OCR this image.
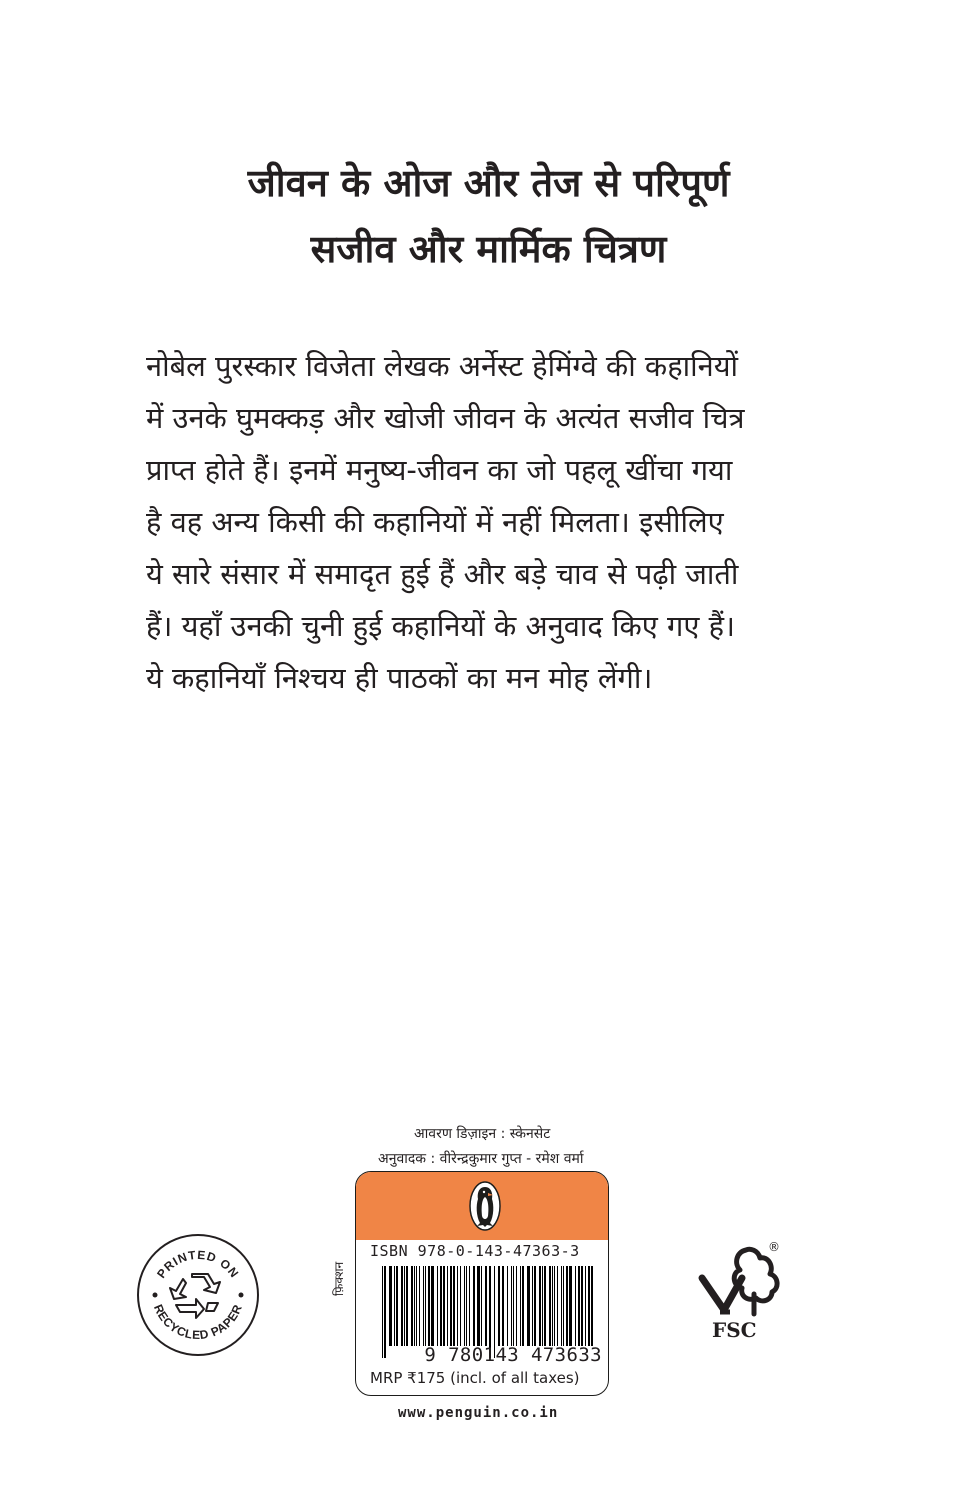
जीवन के ओज और तेज से परिपूर्ण
सजीव और मार्मिक चित्रण
नोबेल पुरस्कार विजेता लेखक अर्नेस्ट हेमिंग्वे की कहानियों
में उनके घुमक्कड़ और खोजी जीवन के अत्यंत सजीव चित्र
प्राप्त होते हैं। इनमें मनुष्य-जीवन का जो पहलू खींचा गया
है वह अन्य किसी की कहानियों में नहीं मिलता। इसीलिए
ये सारे संसार में समादृत हुई हैं और बड़े चाव से पढ़ी जाती
हैं। यहाँ उनकी चुनी हुई कहानियों के अनुवाद किए गए हैं।
ये कहानियाँ निश्चय ही पाठकों का मन मोह लेंगी।
आवरण डिज़ाइन : स्केनसेट
अनुवादक : वीरेन्द्रकुमार गुप्त - रमेश वर्मा
PRINTED ON
RECYCLED PAPER
ISBN 978-0-143-47363-3
9 780143 473633
MRP ₹175 (incl. of all taxes)
फ़िक्शन
www.penguin.co.in
FSC
®
